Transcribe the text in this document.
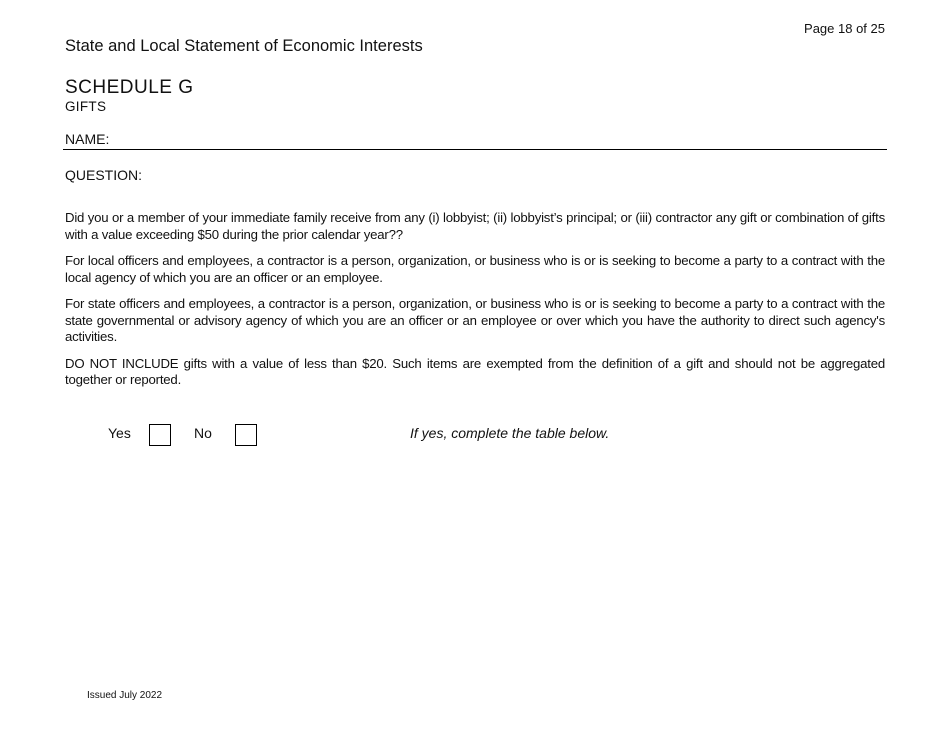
Page 18 of 25
State and Local Statement of Economic Interests
SCHEDULE G
GIFTS
NAME:
QUESTION:

Did you or a member of your immediate family receive from any (i) lobbyist; (ii) lobbyist’s principal; or (iii) contractor any gift or combination of gifts with a value exceeding $50 during the prior calendar year??

For local officers and employees, a contractor is a person, organization, or business who is or is seeking to become a party to a contract with the local agency of which you are an officer or an employee.

For state officers and employees, a contractor is a person, organization, or business who is or is seeking to become a party to a contract with the state governmental or advisory agency of which you are an officer or an employee or over which you have the authority to direct such agency's activities.

DO NOT INCLUDE gifts with a value of less than $20. Such items are exempted from the definition of a gift and should not be aggregated together or reported.

Yes	No	If yes, complete the table below.
Issued July 2022
